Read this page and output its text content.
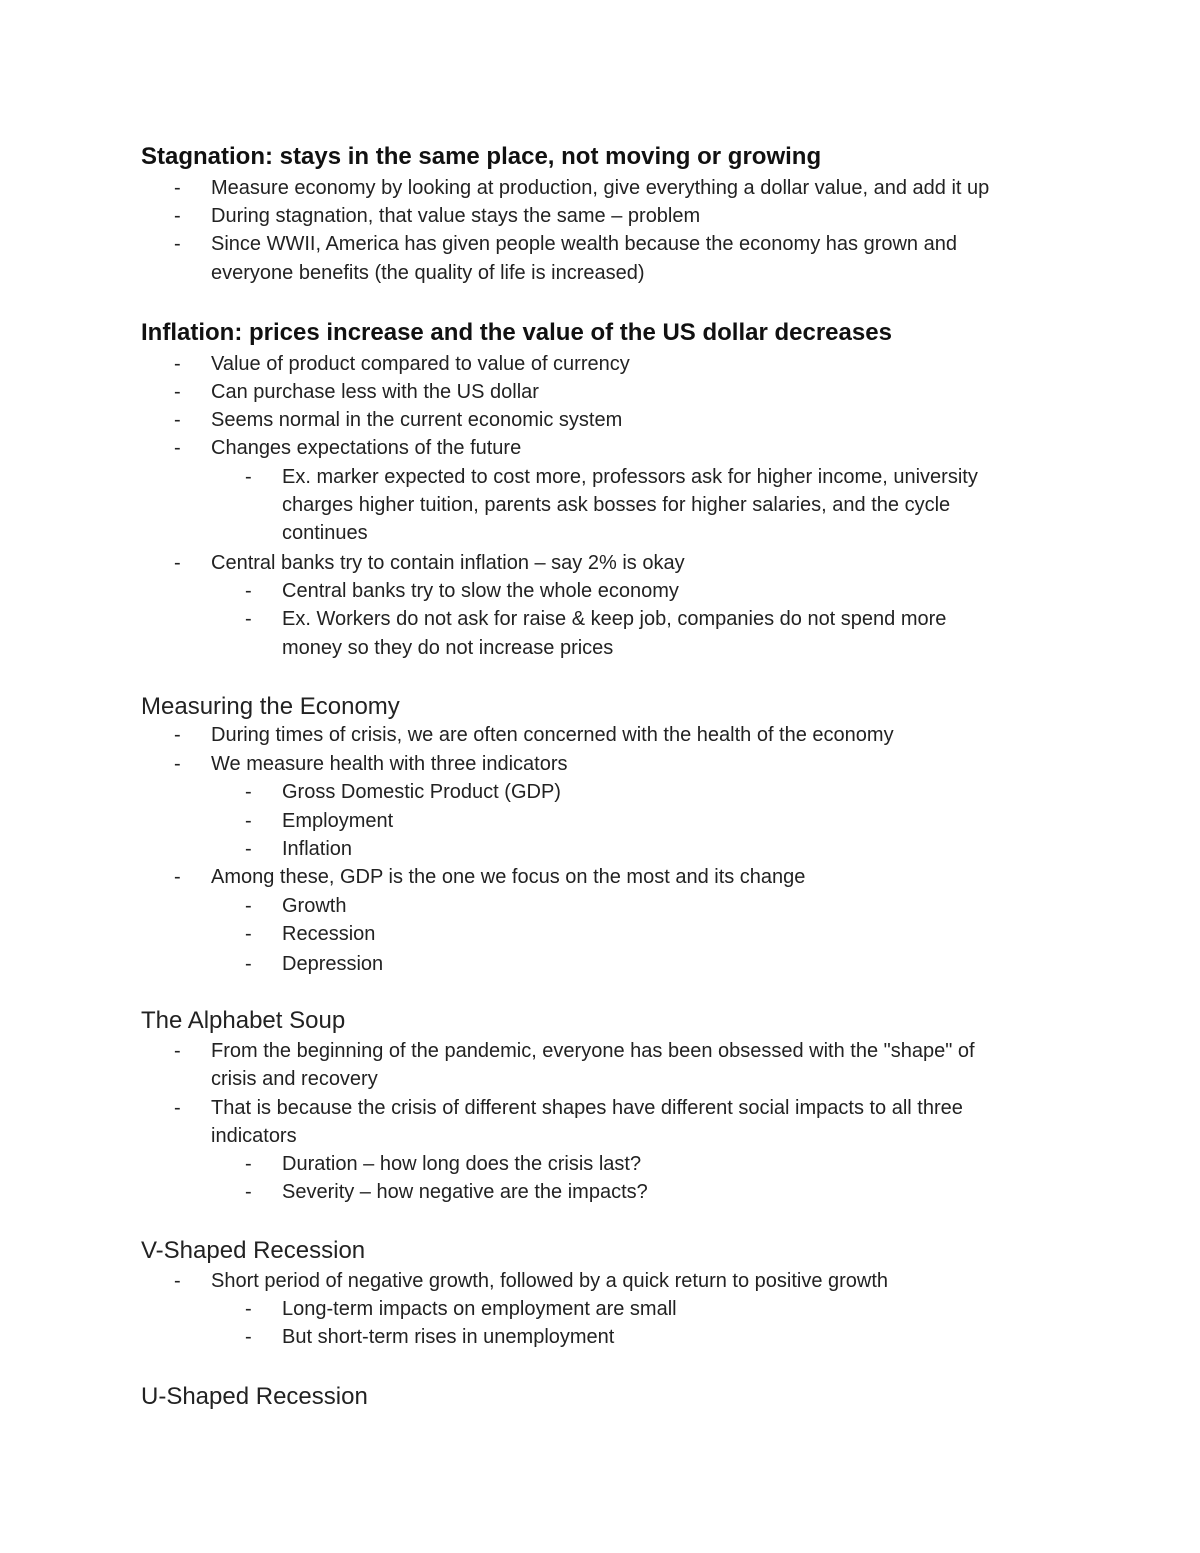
Stagnation: stays in the same place, not moving or growing
- Measure economy by looking at production, give everything a dollar value, and add it up
- During stagnation, that value stays the same – problem
- Since WWII, America has given people wealth because the economy has grown and
everyone benefits (the quality of life is increased)
Inflation: prices increase and the value of the US dollar decreases
- Value of product compared to value of currency
- Can purchase less with the US dollar
- Seems normal in the current economic system
- Changes expectations of the future
- Ex. marker expected to cost more, professors ask for higher income, university
charges higher tuition, parents ask bosses for higher salaries, and the cycle
continues
- Central banks try to contain inflation – say 2% is okay
- Central banks try to slow the whole economy
- Ex. Workers do not ask for raise & keep job, companies do not spend more
money so they do not increase prices
Measuring the Economy
- During times of crisis, we are often concerned with the health of the economy
- We measure health with three indicators
- Gross Domestic Product (GDP)
- Employment
- Inflation
- Among these, GDP is the one we focus on the most and its change
- Growth
- Recession
- Depression
The Alphabet Soup
- From the beginning of the pandemic, everyone has been obsessed with the "shape" of
crisis and recovery
- That is because the crisis of different shapes have different social impacts to all three
indicators
- Duration – how long does the crisis last?
- Severity – how negative are the impacts?
V-Shaped Recession
- Short period of negative growth, followed by a quick return to positive growth
- Long-term impacts on employment are small
- But short-term rises in unemployment
U-Shaped Recession
